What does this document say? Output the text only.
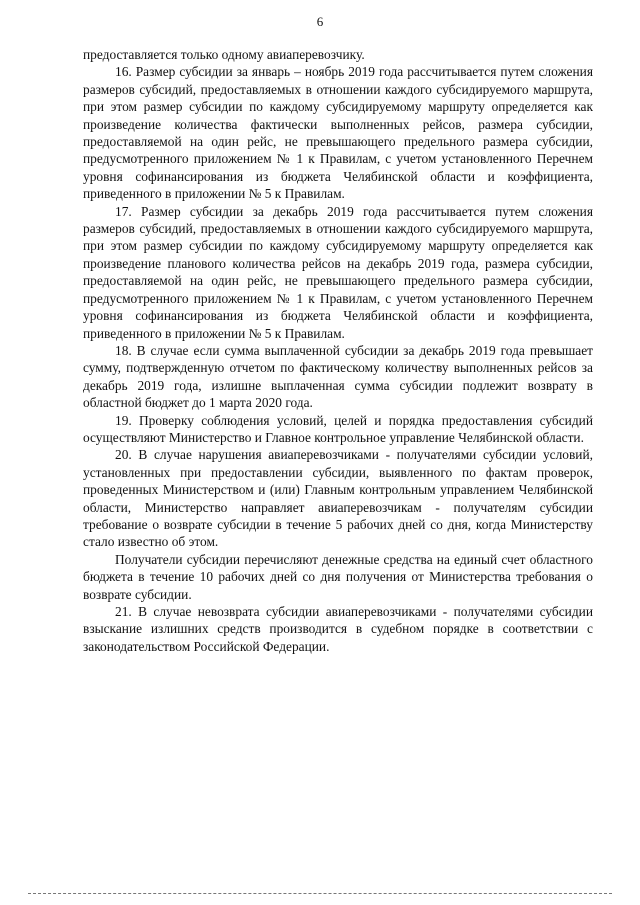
6

предоставляется только одному авиаперевозчику.

16. Размер субсидии за январь – ноябрь 2019 года рассчитывается путем сложения размеров субсидий, предоставляемых в отношении каждого субсидируемого маршрута, при этом размер субсидии по каждому субсидируемому маршруту определяется как произведение количества фактически выполненных рейсов, размера субсидии, предоставляемой на один рейс, не превышающего предельного размера субсидии, предусмотренного приложением № 1 к Правилам, с учетом установленного Перечнем уровня софинансирования из бюджета Челябинской области и коэффициента, приведенного в приложении № 5 к Правилам.

17. Размер субсидии за декабрь 2019 года рассчитывается путем сложения размеров субсидий, предоставляемых в отношении каждого субсидируемого маршрута, при этом размер субсидии по каждому субсидируемому маршруту определяется как произведение планового количества рейсов на декабрь 2019 года, размера субсидии, предоставляемой на один рейс, не превышающего предельного размера субсидии, предусмотренного приложением № 1 к Правилам, с учетом установленного Перечнем уровня софинансирования из бюджета Челябинской области и коэффициента, приведенного в приложении № 5 к Правилам.

18. В случае если сумма выплаченной субсидии за декабрь 2019 года превышает сумму, подтвержденную отчетом по фактическому количеству выполненных рейсов за декабрь 2019 года, излишне выплаченная сумма субсидии подлежит возврату в областной бюджет до 1 марта 2020 года.

19. Проверку соблюдения условий, целей и порядка предоставления субсидий осуществляют Министерство и Главное контрольное управление Челябинской области.

20. В случае нарушения авиаперевозчиками - получателями субсидии условий, установленных при предоставлении субсидии, выявленного по фактам проверок, проведенных Министерством и (или) Главным контрольным управлением Челябинской области, Министерство направляет авиаперевозчикам - получателям субсидии требование о возврате субсидии в течение 5 рабочих дней со дня, когда Министерству стало известно об этом.

Получатели субсидии перечисляют денежные средства на единый счет областного бюджета в течение 10 рабочих дней со дня получения от Министерства требования о возврате субсидии.

21. В случае невозврата субсидии авиаперевозчиками - получателями субсидии взыскание излишних средств производится в судебном порядке в соответствии с законодательством Российской Федерации.
